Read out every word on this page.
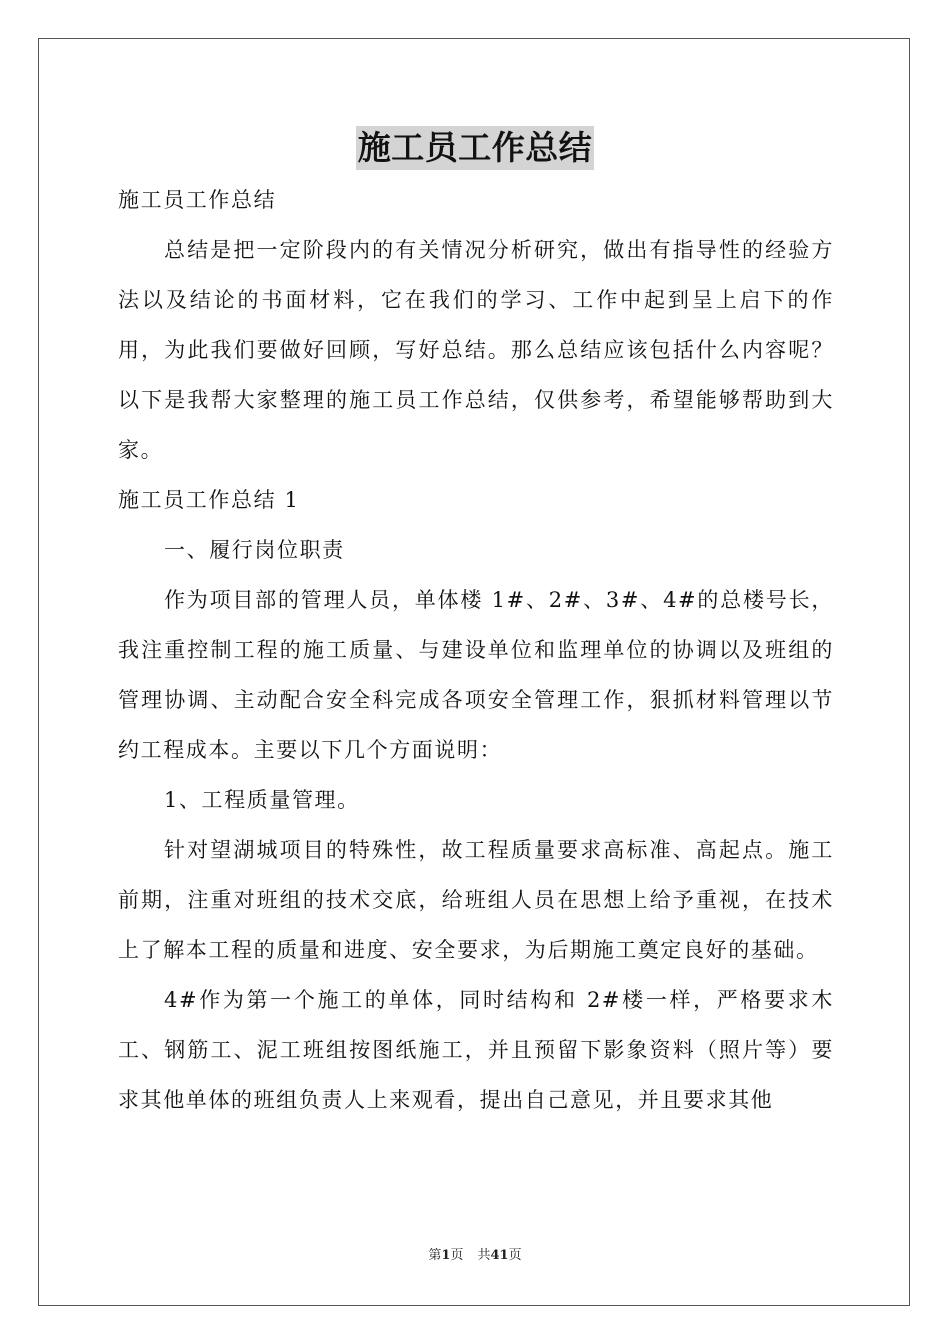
施工员工作总结

施工员工作总结

总结是把一定阶段内的有关情况分析研究，做出有指导性的经验方法以及结论的书面材料，它在我们的学习、工作中起到呈上启下的作用，为此我们要做好回顾，写好总结。那么总结应该包括什么内容呢？以下是我帮大家整理的施工员工作总结，仅供参考，希望能够帮助到大家。

施工员工作总结 1

一、履行岗位职责

作为项目部的管理人员，单体楼 1#、2#、3#、4#的总楼号长，我注重控制工程的施工质量、与建设单位和监理单位的协调以及班组的管理协调、主动配合安全科完成各项安全管理工作，狠抓材料管理以节约工程成本。主要以下几个方面说明：

1、工程质量管理。

针对望湖城项目的特殊性，故工程质量要求高标准、高起点。施工前期，注重对班组的技术交底，给班组人员在思想上给予重视，在技术上了解本工程的质量和进度、安全要求，为后期施工奠定良好的基础。

4#作为第一个施工的单体，同时结构和 2#楼一样，严格要求木工、钢筋工、泥工班组按图纸施工，并且预留下影象资料（照片等）要求其他单体的班组负责人上来观看，提出自己意见，并且要求其他

第1页 共41页
